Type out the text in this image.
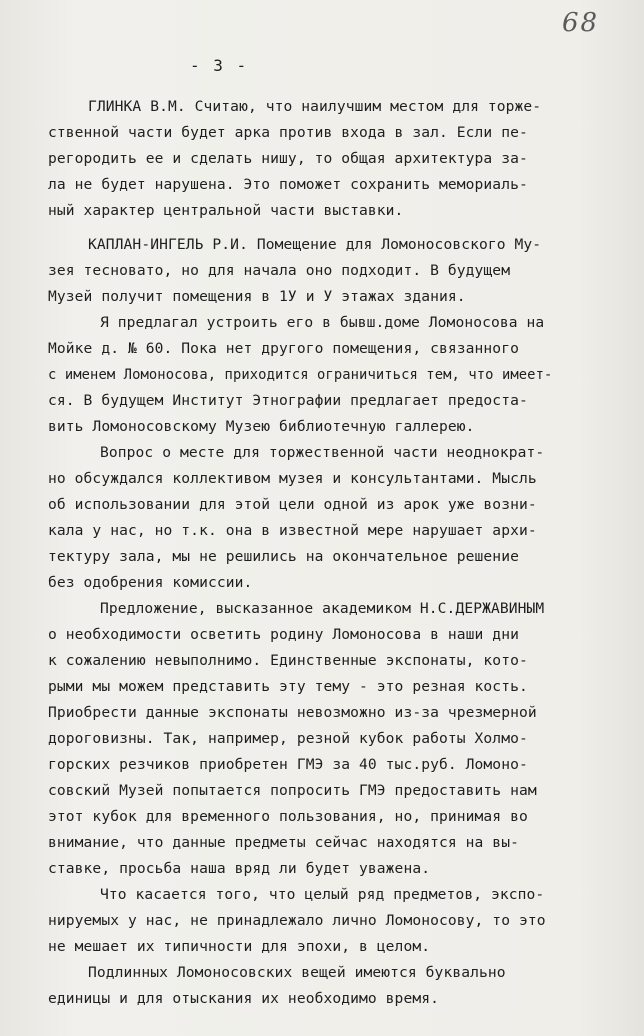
68
- 3 -
ГЛИНКА В.М. Считаю, что наилучшим местом для торже-
ственной части будет арка против входа в зал. Если пе-
регородить ее и сделать нишу, то общая архитектура за-
ла не будет нарушена. Это поможет сохранить мемориаль-
ный характер центральной части выставки.
КАПЛАН-ИНГЕЛЬ Р.И. Помещение для Ломоносовского Му-
зея тесновато, но для начала оно подходит. В будущем
Музей получит помещения в 1У и У этажах здания.
Я предлагал устроить его в бывш.доме Ломоносова на
Мойке д. № 60. Пока нет другого помещения, связанного
с именем Ломоносова, приходится ограничиться тем, что имеет-
ся. В будущем Институт Этнографии предлагает предоста-
вить Ломоносовскому Музею библиотечную галлерею.
Вопрос о месте для торжественной части неоднократ-
но обсуждался коллективом музея и консультантами. Мысль
об использовании для этой цели одной из арок уже возни-
кала у нас, но т.к. она в известной мере нарушает архи-
тектуру зала, мы не решились на окончательное решение
без одобрения комиссии.
Предложение, высказанное академиком Н.С.ДЕРЖАВИНЫМ
о необходимости осветить родину Ломоносова в наши дни
к сожалению невыполнимо. Единственные экспонаты, кото-
рыми мы можем представить эту тему - это резная кость.
Приобрести данные экспонаты невозможно из-за чрезмерной
дороговизны. Так, например, резной кубок работы Холмо-
горских резчиков приобретен ГМЭ за 40 тыс.руб. Ломоно-
совский Музей попытается попросить ГМЭ предоставить нам
этот кубок для временного пользования, но, принимая во
внимание, что данные предметы сейчас находятся на вы-
ставке, просьба наша вряд ли будет уважена.
Что касается того, что целый ряд предметов, экспо-
нируемых у нас, не принадлежало лично Ломоносову, то это
не мешает их типичности для эпохи, в целом.
Подлинных Ломоносовских вещей имеются буквально
единицы и для отыскания их необходимо время.
